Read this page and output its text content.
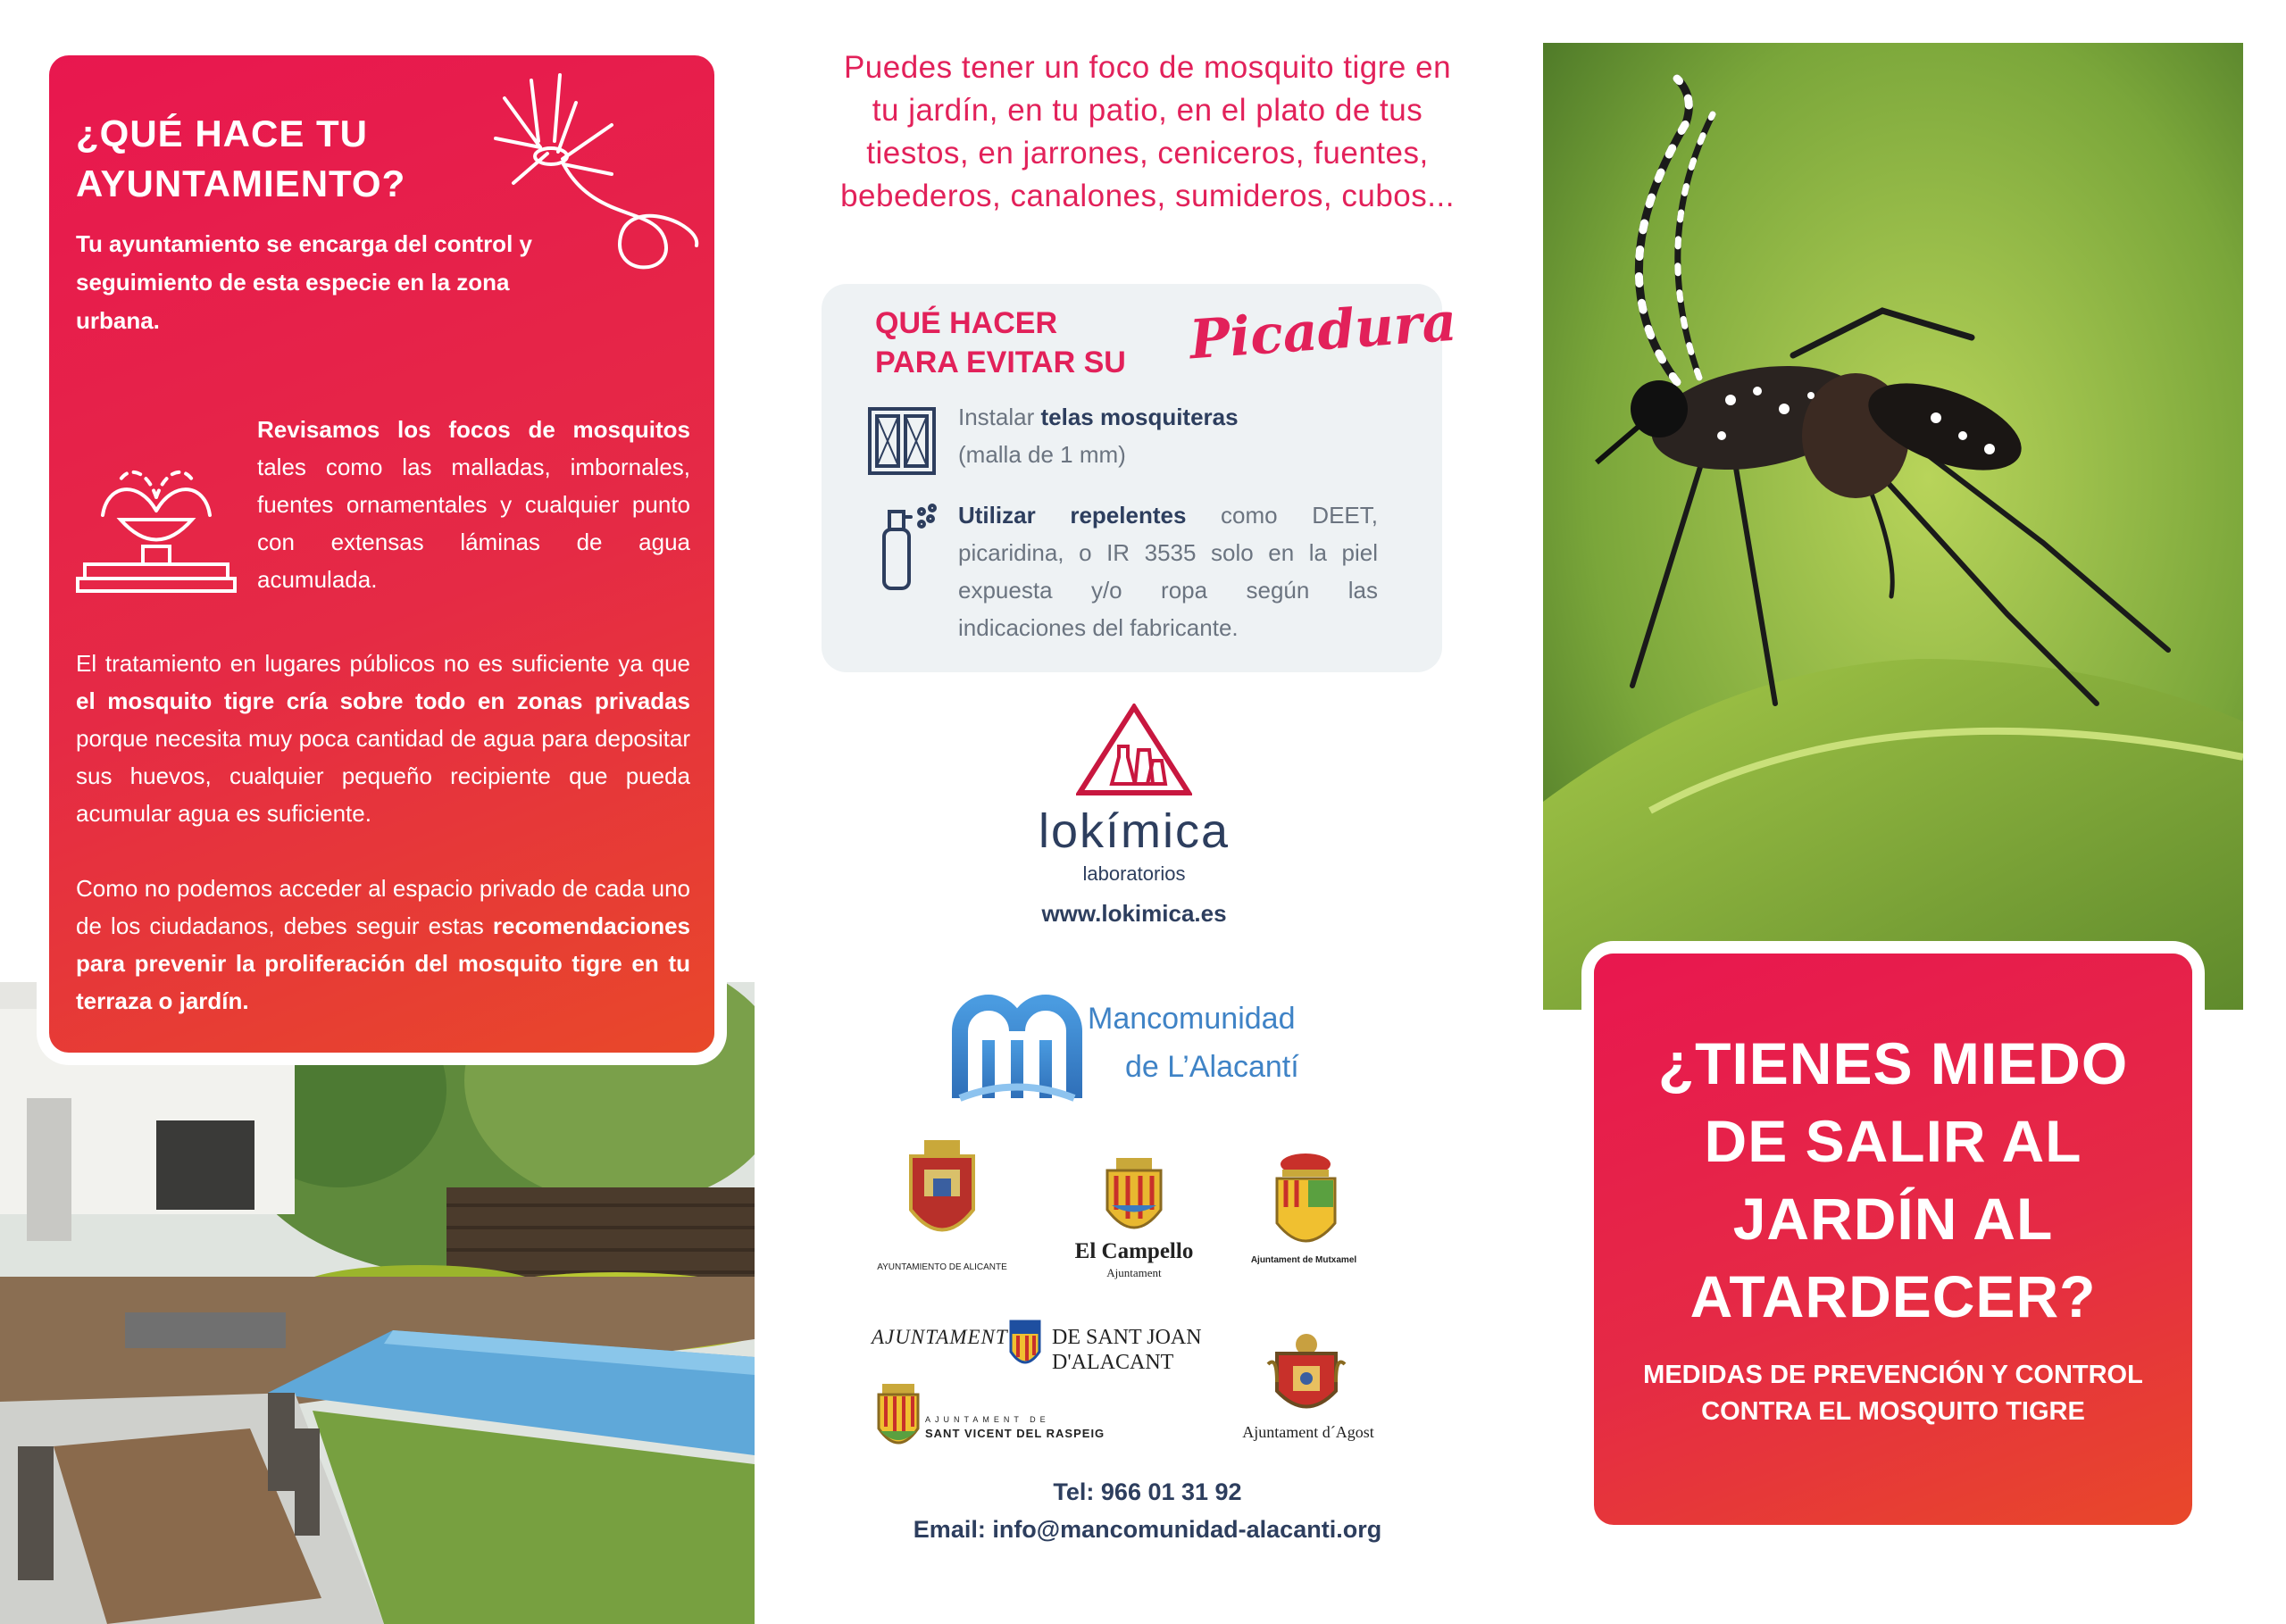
¿QUÉ HACE TU
AYUNTAMIENTO?
Tu ayuntamiento se encarga del control y seguimiento de esta especie en la zona urbana.
Revisamos los focos de mosquitos tales como las malladas, imbornales, fuentes ornamentales y cualquier punto con extensas láminas de agua acumulada.
El tratamiento en lugares públicos no es suficiente ya que el mosquito tigre cría sobre todo en zonas privadas porque necesita muy poca cantidad de agua para depositar sus huevos, cualquier pequeño recipiente que pueda acumular agua es suficiente.
Como no podemos acceder al espacio privado de cada uno de los ciudadanos, debes seguir estas recomendaciones para prevenir la proliferación del mosquito tigre en tu terraza o jardín.
Puedes tener un foco de mosquito tigre en tu jardín, en tu patio, en el plato de tus tiestos, en jarrones, ceniceros, fuentes, bebederos, canalones, sumideros, cubos...
QUÉ HACER
PARA EVITAR SU Picadura
Instalar telas mosquiteras
(malla de 1 mm)
Utilizar repelentes como DEET, picaridina, o IR 3535 solo en la piel expuesta y/o ropa según las indicaciones del fabricante.
lokímica
laboratorios
www.lokimica.es
Mancomunidad
de L’Alacantí
AYUNTAMIENTO DE ALICANTE
El Campello
Ajuntament
Ajuntament de Mutxamel
AJUNTAMENT DE SANT JOAN
D'ALACANT
AJUNTAMENT DE
SANT VICENT DEL RASPEIG	Ajuntament d´Agost
Tel: 966 01 31 92
Email: info@mancomunidad-alacanti.org
¿TIENES MIEDO
DE SALIR AL
JARDÍN AL
ATARDECER?
MEDIDAS DE PREVENCIÓN Y CONTROL CONTRA EL MOSQUITO TIGRE
